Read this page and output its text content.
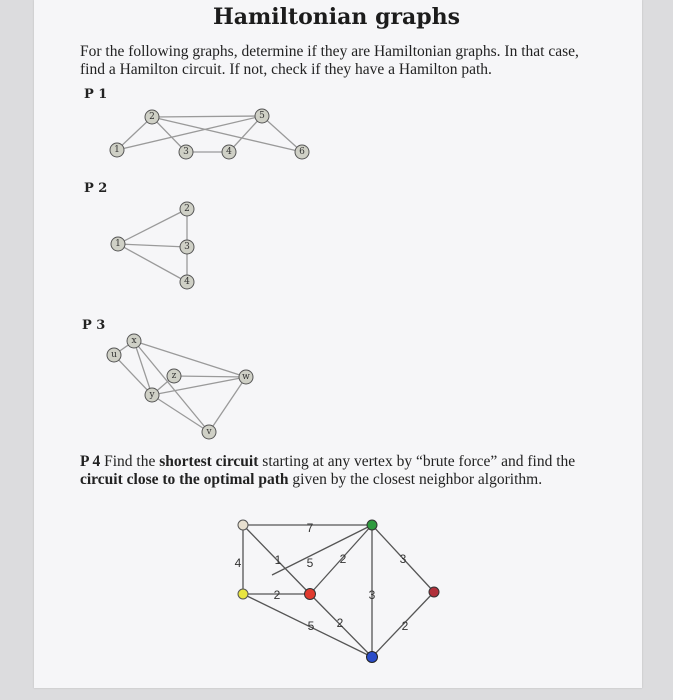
Hamiltonian graphs
For the following graphs, determine if they are Hamiltonian graphs. In that case, find a Hamilton circuit. If not, check if they have a Hamilton path.
P 1
P 2
P 3
P 4 Find the shortest circuit starting at any vertex by “brute force” and find the circuit close to the optimal path given by the closest neighbor algorithm.
1
2
3	4
5
6
1
2
3
4
u
x
y
z	w
v
7
4	1 5 2
2
3
3
5 2	2
